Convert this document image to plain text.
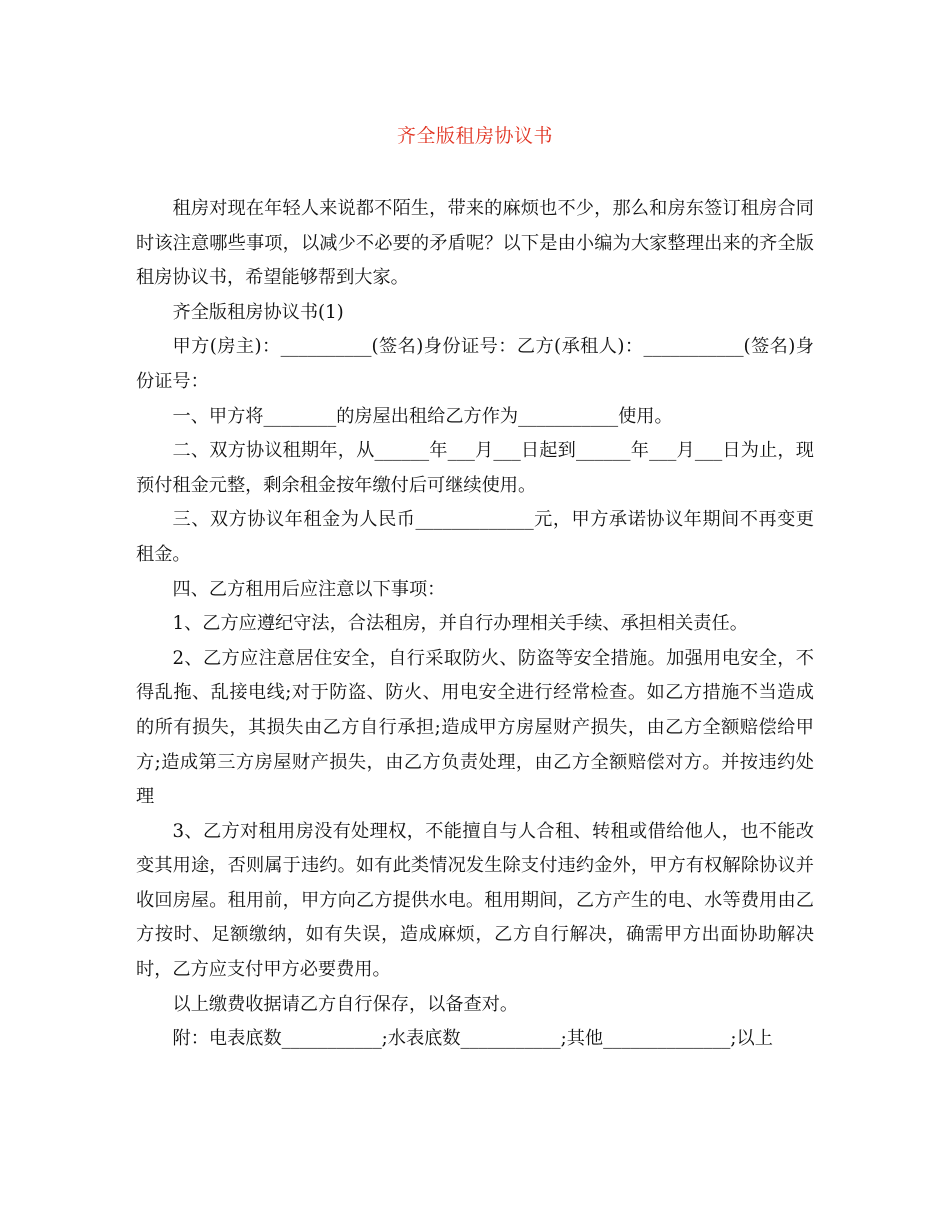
齐全版租房协议书

租房对现在年轻人来说都不陌生，带来的麻烦也不少，那么和房东签订租房合同时该注意哪些事项，以减少不必要的矛盾呢？以下是由小编为大家整理出来的齐全版租房协议书，希望能够帮到大家。

齐全版租房协议书(1)

甲方(房主)：__________(签名)身份证号：乙方(承租人)：___________(签名)身份证号：

一、甲方将________的房屋出租给乙方作为___________使用。

二、双方协议租期年，从______年___月___日起到______年___月___日为止，现预付租金元整，剩余租金按年缴付后可继续使用。

三、双方协议年租金为人民币_____________元，甲方承诺协议年期间不再变更租金。

四、乙方租用后应注意以下事项：

1、乙方应遵纪守法，合法租房，并自行办理相关手续、承担相关责任。

2、乙方应注意居住安全，自行采取防火、防盗等安全措施。加强用电安全，不得乱拖、乱接电线;对于防盗、防火、用电安全进行经常检查。如乙方措施不当造成的所有损失，其损失由乙方自行承担;造成甲方房屋财产损失，由乙方全额赔偿给甲方;造成第三方房屋财产损失，由乙方负责处理，由乙方全额赔偿对方。并按违约处理

3、乙方对租用房没有处理权，不能擅自与人合租、转租或借给他人，也不能改变其用途，否则属于违约。如有此类情况发生除支付违约金外，甲方有权解除协议并收回房屋。租用前，甲方向乙方提供水电。租用期间，乙方产生的电、水等费用由乙方按时、足额缴纳，如有失误，造成麻烦，乙方自行解决，确需甲方出面协助解决时，乙方应支付甲方必要费用。

以上缴费收据请乙方自行保存，以备查对。

附：电表底数___________;水表底数___________;其他______________;以上
